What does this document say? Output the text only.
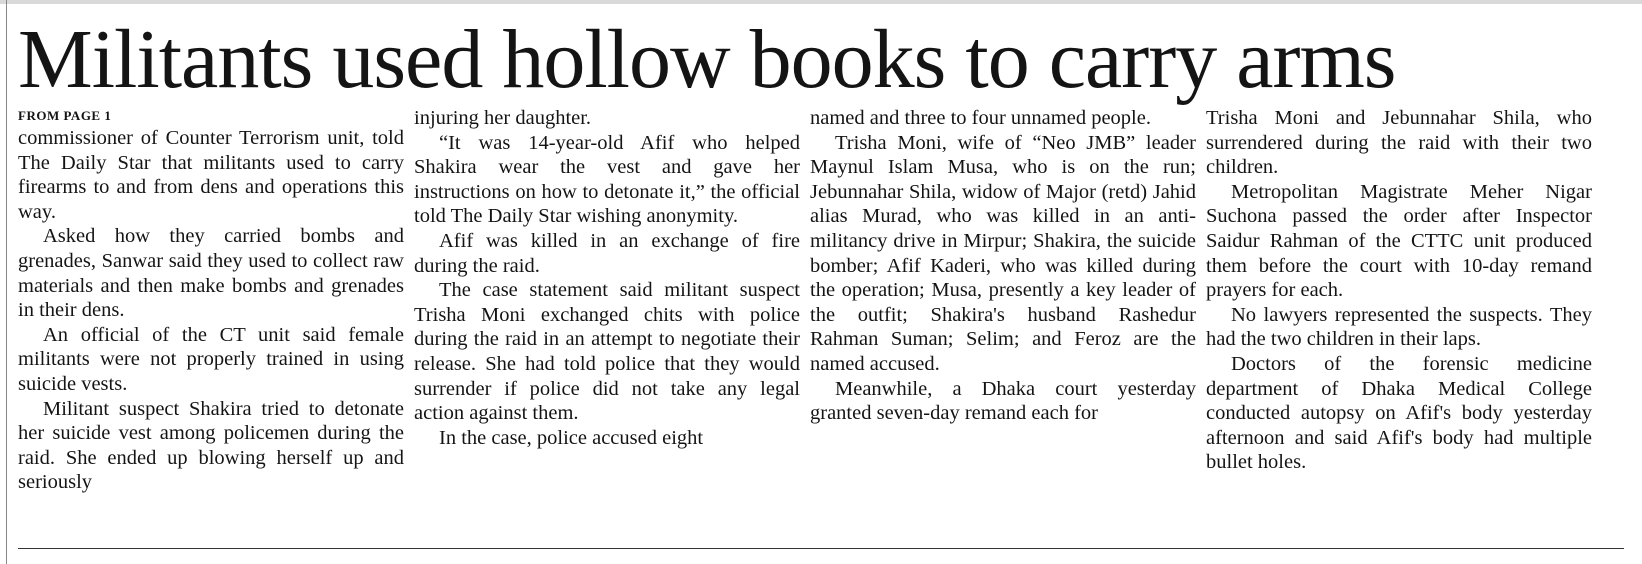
Militants used hollow books to carry arms
FROM PAGE 1

commissioner of Counter Terrorism unit, told The Daily Star that militants used to carry firearms to and from dens and operations this way.

Asked how they carried bombs and grenades, Sanwar said they used to collect raw materials and then make bombs and grenades in their dens.

An official of the CT unit said female militants were not properly trained in using suicide vests.

Militant suspect Shakira tried to detonate her suicide vest among policemen during the raid. She ended up blowing herself up and seriously

injuring her daughter.

“It was 14-year-old Afif who helped Shakira wear the vest and gave her instructions on how to detonate it,” the official told The Daily Star wishing anonymity.

Afif was killed in an exchange of fire during the raid.

The case statement said militant suspect Trisha Moni exchanged chits with police during the raid in an attempt to negotiate their release. She had told police that they would surrender if police did not take any legal action against them.

In the case, police accused eight

named and three to four unnamed people.

Trisha Moni, wife of “Neo JMB” leader Maynul Islam Musa, who is on the run; Jebunnahar Shila, widow of Major (retd) Jahid alias Murad, who was killed in an anti-militancy drive in Mirpur; Shakira, the suicide bomber; Afif Kaderi, who was killed during the operation; Musa, presently a key leader of the outfit; Shakira's husband Rashedur Rahman Suman; Selim; and Feroz are the named accused.

Meanwhile, a Dhaka court yesterday granted seven-day remand each for

Trisha Moni and Jebunnahar Shila, who surrendered during the raid with their two children.

Metropolitan Magistrate Meher Nigar Suchona passed the order after Inspector Saidur Rahman of the CTTC unit produced them before the court with 10-day remand prayers for each.

No lawyers represented the suspects. They had the two children in their laps.

Doctors of the forensic medicine department of Dhaka Medical College conducted autopsy on Afif's body yesterday afternoon and said Afif's body had multiple bullet holes.
